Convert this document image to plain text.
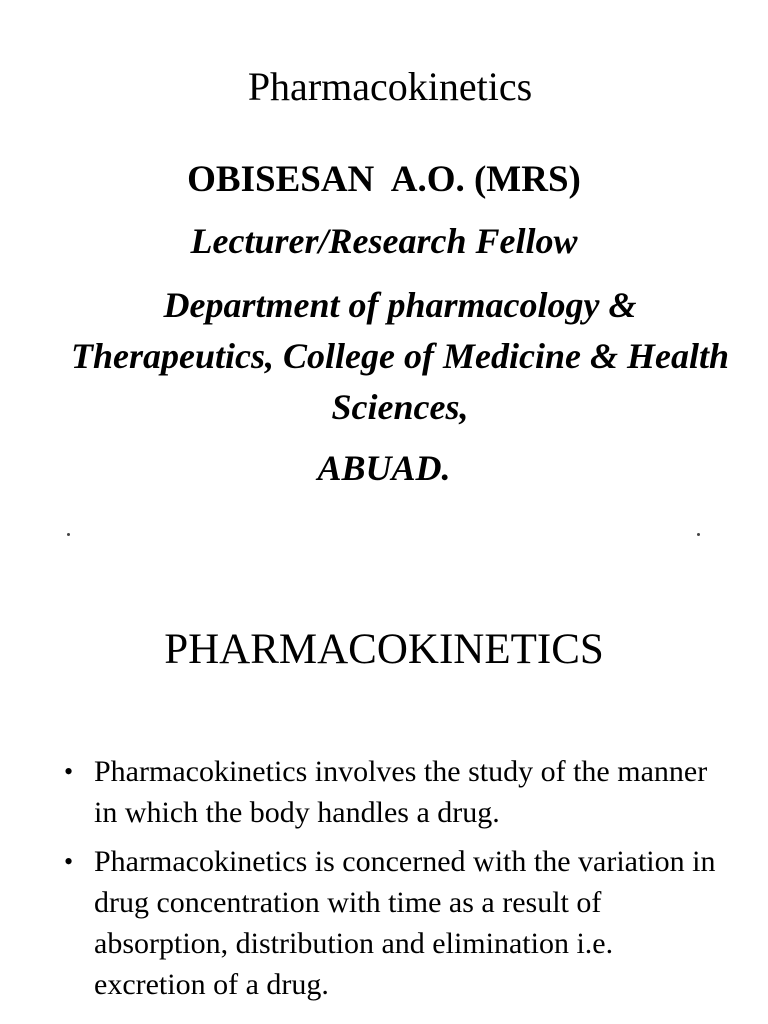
Pharmacokinetics
OBISESAN  A.O. (MRS)
Lecturer/Research Fellow
Department of pharmacology & Therapeutics, College of Medicine & Health Sciences,
ABUAD.
PHARMACOKINETICS
• Pharmacokinetics involves the study of the manner in which the body handles a drug.
• Pharmacokinetics is concerned with the variation in drug concentration with time as a result of absorption, distribution and elimination i.e. excretion of a drug.
